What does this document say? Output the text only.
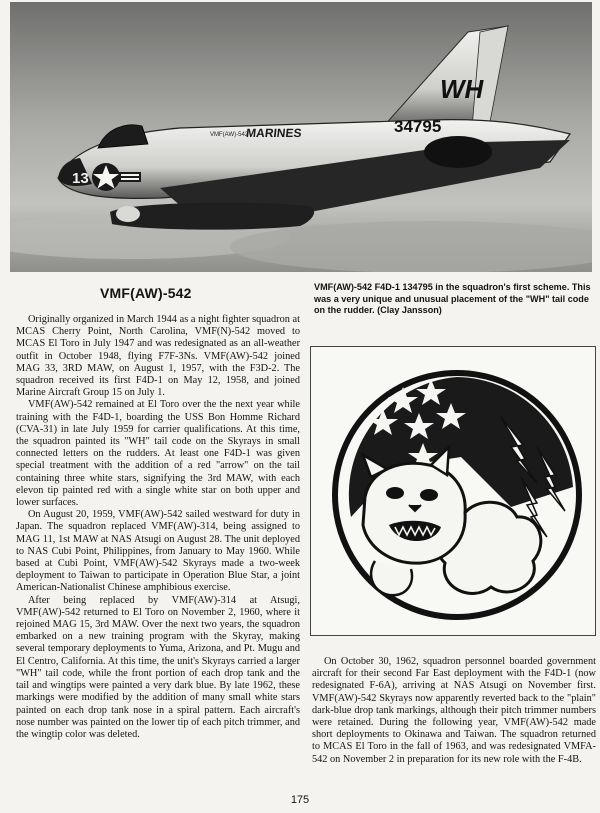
13
MARINES
VMF(AW)-542
WH
34795
VMF(AW)-542	VMF(AW)-542 F4D-1 134795 in the squadron's first scheme. This was a very unique and unusual placement of the "WH" tail code on the rudder. (Clay Jansson)

Originally organized in March 1944 as a night fighter squadron at MCAS Cherry Point, North Carolina, VMF(N)-542 moved to MCAS El Toro in July 1947 and was redesignated as an all-weather outfit in October 1948, flying F7F-3Ns. VMF(AW)-542 joined MAG 33, 3RD MAW, on August 1, 1957, with the F3D-2. The squadron received its first F4D-1 on May 12, 1958, and joined Marine Aircraft Group 15 on July 1.

VMF(AW)-542 remained at El Toro over the the next year while training with the F4D-1, boarding the USS Bon Homme Richard (CVA-31) in late July 1959 for carrier qualifications. At this time, the squadron painted its "WH" tail code on the Skyrays in small connected letters on the rudders. At least one F4D-1 was given special treatment with the addition of a red "arrow" on the tail containing three white stars, signifying the 3rd MAW, with each elevon tip painted red with a single white star on both upper and lower surfaces.

On August 20, 1959, VMF(AW)-542 sailed westward for duty in Japan. The squadron replaced VMF(AW)-314, being assigned to MAG 11, 1st MAW at NAS Atsugi on August 28. The unit deployed to NAS Cubi Point, Philippines, from January to May 1960. While based at Cubi Point, VMF(AW)-542 Skyrays made a two-week deployment to Taiwan to participate in Operation Blue Star, a joint American-Nationalist Chinese amphibious exercise.

After being replaced by VMF(AW)-314 at Atsugi, VMF(AW)-542 returned to El Toro on November 2, 1960, where it rejoined MAG 15, 3rd MAW. Over the next two years, the squadron embarked on a new training program with the Skyray, making several temporary deployments to Yuma, Arizona, and Pt. Mugu and El Centro, California. At this time, the unit's Skyrays carried a larger "WH" tail code, while the front portion of each drop tank and the tail and wingtips were painted a very dark blue. By late 1962, these markings were modified by the addition of many small white stars painted on each drop tank nose in a spiral pattern. Each aircraft's nose number was painted on the lower tip of each pitch trimmer, and the wingtip color was deleted.

On October 30, 1962, squadron personnel boarded government aircraft for their second Far East deployment with the F4D-1 (now redesignated F-6A), arriving at NAS Atsugi on November first. VMF(AW)-542 Skyrays now apparently reverted back to the "plain" dark-blue drop tank markings, although their pitch trimmer numbers were retained. During the following year, VMF(AW)-542 made short deployments to Okinawa and Taiwan. The squadron returned to MCAS El Toro in the fall of 1963, and was redesignated VMFA-542 on November 2 in preparation for its new role with the F-4B.

175
